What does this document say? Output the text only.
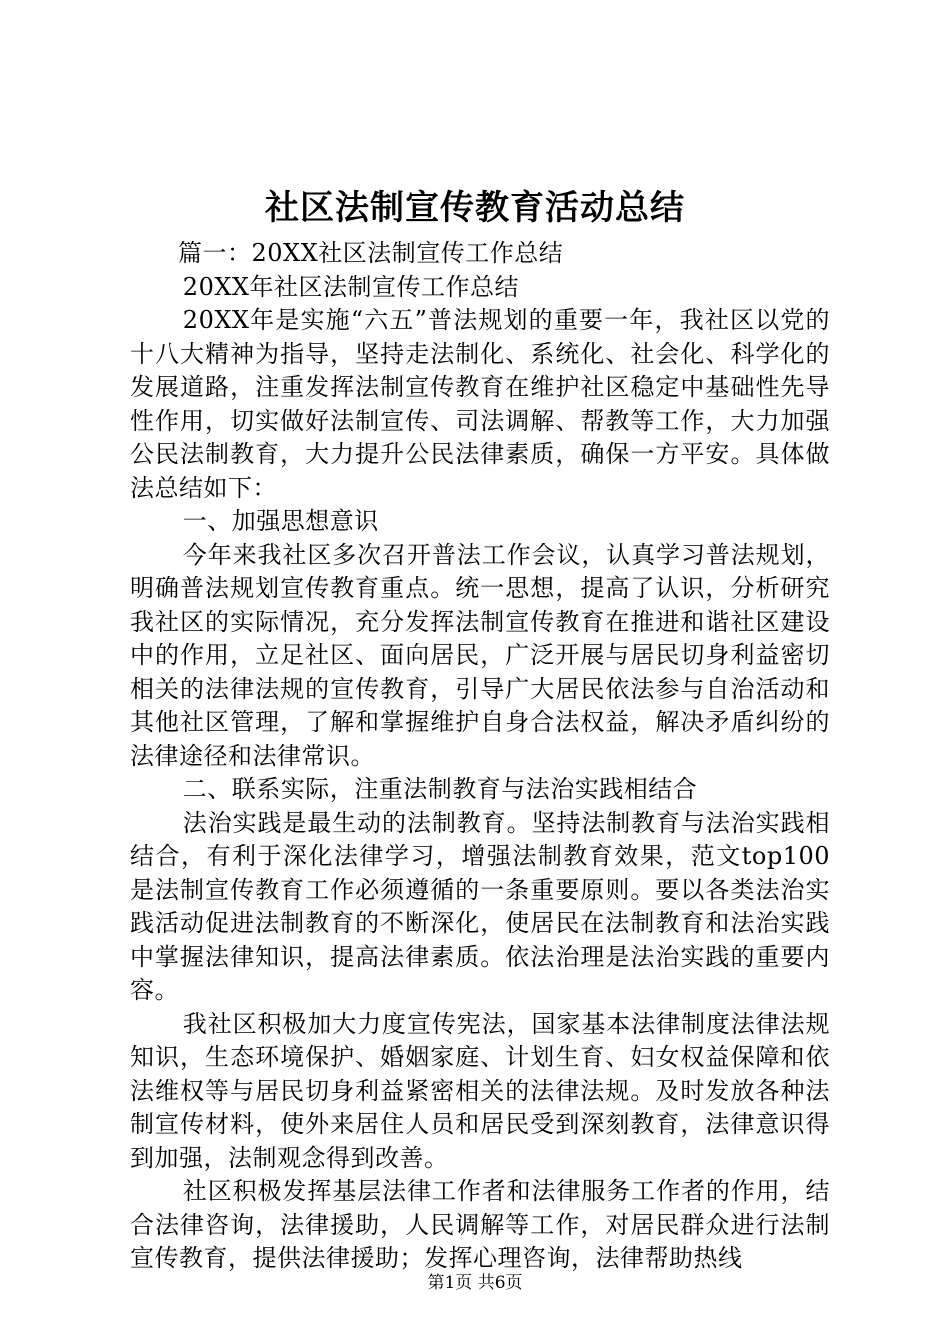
社区法制宣传教育活动总结

篇一：20XX社区法制宣传工作总结

20XX年社区法制宣传工作总结

20XX年是实施“六五”普法规划的重要一年，我社区以党的十八大精神为指导，坚持走法制化、系统化、社会化、科学化的发展道路，注重发挥法制宣传教育在维护社区稳定中基础性先导性作用，切实做好法制宣传、司法调解、帮教等工作，大力加强公民法制教育，大力提升公民法律素质，确保一方平安。具体做法总结如下：

一、加强思想意识

今年来我社区多次召开普法工作会议，认真学习普法规划，明确普法规划宣传教育重点。统一思想，提高了认识，分析研究我社区的实际情况，充分发挥法制宣传教育在推进和谐社区建设中的作用，立足社区、面向居民，广泛开展与居民切身利益密切相关的法律法规的宣传教育，引导广大居民依法参与自治活动和其他社区管理，了解和掌握维护自身合法权益，解决矛盾纠纷的法律途径和法律常识。

二、联系实际，注重法制教育与法治实践相结合

法治实践是最生动的法制教育。坚持法制教育与法治实践相结合，有利于深化法律学习，增强法制教育效果，范文top100是法制宣传教育工作必须遵循的一条重要原则。要以各类法治实践活动促进法制教育的不断深化，使居民在法制教育和法治实践中掌握法律知识，提高法律素质。依法治理是法治实践的重要内容。

我社区积极加大力度宣传宪法，国家基本法律制度法律法规知识，生态环境保护、婚姻家庭、计划生育、妇女权益保障和依法维权等与居民切身利益紧密相关的法律法规。及时发放各种法制宣传材料，使外来居住人员和居民受到深刻教育，法律意识得到加强，法制观念得到改善。

社区积极发挥基层法律工作者和法律服务工作者的作用，结合法律咨询，法律援助，人民调解等工作，对居民群众进行法制宣传教育，提供法律援助；发挥心理咨询，法律帮助热线

第1页 共6页
